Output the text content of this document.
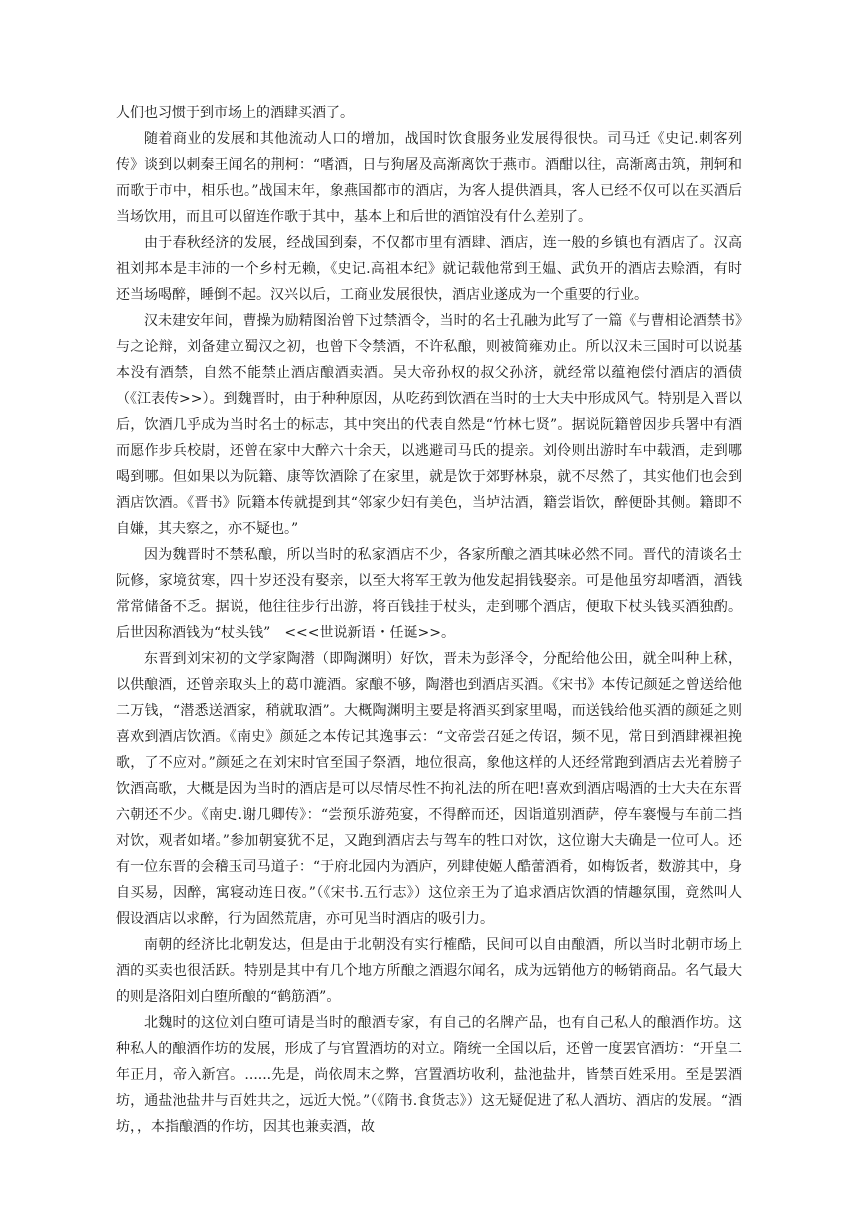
人们也习惯于到市场上的酒肆买酒了。

随着商业的发展和其他流动人口的增加，战国时饮食服务业发展得很快。司马迁《史记.刺客列传》谈到以刺秦王闻名的荆柯：“嗜酒，日与狗屠及高渐离饮于燕市。酒酣以往，高渐离击筑，荆轲和而歌于市中，相乐也。”战国末年，象燕国都市的酒店，为客人提供酒具，客人已经不仅可以在买酒后当场饮用，而且可以留连作歌于其中，基本上和后世的酒馆没有什么差别了。

由于春秋经济的发展，经战国到秦，不仅都市里有酒肆、酒店，连一般的乡镇也有酒店了。汉高祖刘邦本是丰沛的一个乡村无赖，《史记.高祖本纪》就记载他常到王媪、武负开的酒店去赊酒，有时还当场喝醉，睡倒不起。汉兴以后，工商业发展很快，酒店业遂成为一个重要的行业。

汉未建安年间，曹操为励精图治曾下过禁酒令，当时的名士孔融为此写了一篇《与曹相论酒禁书》与之论辩，刘备建立蜀汉之初，也曾下令禁酒，不许私酿，则被简雍劝止。所以汉未三国时可以说基本没有酒禁，自然不能禁止酒店酿酒卖酒。吴大帝孙权的叔父孙济，就经常以蕴袍偿付酒店的酒债（《江表传>>）。到魏晋时，由于种种原因，从吃药到饮酒在当时的士大夫中形成风气。特别是入晋以后，饮酒几乎成为当时名士的标志，其中突出的代表自然是“竹林七贤”。据说阮籍曾因步兵署中有酒而愿作步兵校尉，还曾在家中大醉六十余天，以逃避司马氏的提亲。刘伶则出游时车中载酒，走到哪喝到哪。但如果以为阮籍、康等饮酒除了在家里，就是饮于郊野林泉，就不尽然了，其实他们也会到酒店饮酒。《晋书》阮籍本传就提到其“邻家少妇有美色，当垆沽酒，籍尝诣饮，醉便卧其侧。籍即不自嫌，其夫察之，亦不疑也。”

因为魏晋时不禁私酿，所以当时的私家酒店不少，各家所酿之酒其味必然不同。晋代的清谈名士阮修，家境贫寒，四十岁还没有娶亲，以至大将军王敦为他发起捐钱娶亲。可是他虽穷却嗜酒，酒钱常常储备不乏。据说，他往往步行出游，将百钱挂于杖头，走到哪个酒店，便取下杖头钱买酒独酌。后世因称酒钱为“杖头钱”　<<<世说新语・任诞>>。

东晋到刘宋初的文学家陶潜（即陶渊明）好饮，晋未为彭泽令，分配给他公田，就全叫种上秫，以供酿酒，还曾亲取头上的葛巾漉酒。家酿不够，陶潜也到酒店买酒。《宋书》本传记颜延之曾送给他二万钱，“潜悉送酒家，稍就取酒”。大概陶渊明主要是将酒买到家里喝，而送钱给他买酒的颜延之则喜欢到酒店饮酒。《南史》颜延之本传记其逸事云：“文帝尝召延之传诏，频不见，常日到酒肆裸袒挽歌，了不应对。”颜延之在刘宋时官至国子祭酒，地位很高，象他这样的人还经常跑到酒店去光着膀子饮酒高歌，大概是因为当时的酒店是可以尽情尽性不拘礼法的所在吧!喜欢到酒店喝酒的士大夫在东晋六朝还不少。《南史.谢几卿传》：“尝预乐游苑宴，不得醉而还，因诣道别酒萨，停车褰慢与车前二挡对饮，观者如堵。”参加朝宴犹不足，又跑到酒店去与驾车的牲口对饮，这位谢大夫确是一位可人。还有一位东晋的会稽玉司马道子：“于府北园内为酒庐，列肆使姬人酷蕾酒肴，如梅饭者，数游其中，身自买易，因醉，寓寝动连日夜。”（《宋书.五行志》）这位亲王为了追求酒店饮酒的情趣氛围，竟然叫人假设酒店以求醉，行为固然荒唐，亦可见当时酒店的吸引力。

南朝的经济比北朝发达，但是由于北朝没有实行榷酷，民间可以自由酿酒，所以当时北朝市场上酒的买卖也很活跃。特别是其中有几个地方所酿之酒遐尔闻名，成为远销他方的畅销商品。名气最大的则是洛阳刘白堕所酿的“鹤筋酒”。

北魏时的这位刘白堕可请是当时的酿酒专家，有自己的名牌产品，也有自己私人的酿酒作坊。这种私人的酿酒作坊的发展，形成了与官置酒坊的对立。隋统一全国以后，还曾一度罢官酒坊：“开皇二年正月，帝入新宫。......先是，尚依周末之弊，宫置酒坊收利，盐池盐井，皆禁百姓采用。至是罢酒坊，通盐池盐井与百姓共之，远近大悦。”（《隋书.食货志》）这无疑促进了私人酒坊、酒店的发展。“酒坊，，本指酿酒的作坊，因其也兼卖酒，故
